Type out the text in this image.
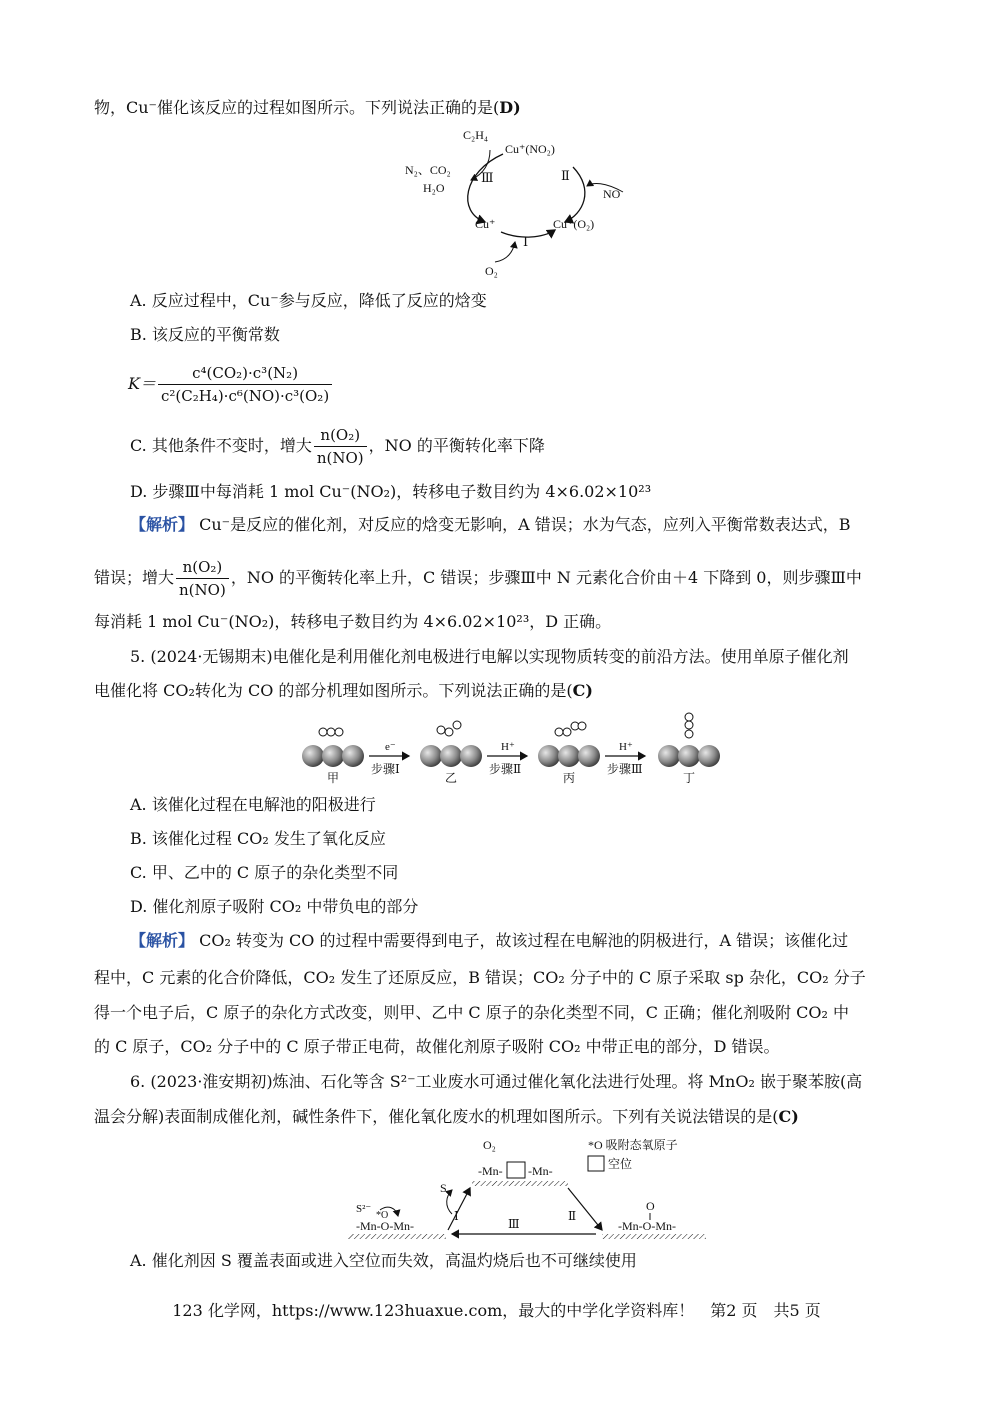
物，Cu⁻催化该反应的过程如图所示。下列说法正确的是(D)
C₂H₄
Cu⁺(NO₂)
N₂、CO₂
H₂O
Ⅲ	Ⅱ
NO
Cu⁺	Cu⁺(O₂)
Ⅰ
O₂
A. 反应过程中，Cu⁻参与反应，降低了反应的焓变
B. 该反应的平衡常数
$K= \frac{\text{c⁴(CO₂)·c³(N₂)}}{\text{c²(C₂H₄)·c⁶(NO)·c³(O₂)}}$
C. 其他条件不变时，增大 $\frac{\text{n(O₂)}}{n(NO)}$ ，NO 的平衡转化率下降
D. 步骤Ⅲ中每消耗 1 mol Cu⁻(NO₂)，转移电子数目约为 4×6.02×10²³
【解析】 Cu⁻是反应的催化剂，对反应的焓变无影响，A 错误；水为气态，应列入平衡常数表达式，B
错误；增大 $\frac{\text{n(O₂)}}{n(NO)}$ ，NO 的平衡转化率上升，C 错误；步骤Ⅲ中 N 元素化合价由＋4 下降到 0，则步骤Ⅲ中
每消耗 1 mol Cu⁻(NO₂)，转移电子数目约为 4×6.02×10²³，D 正确。
5. (2024·无锡期末)电催化是利用催化剂电极进行电解以实现物质转变的前沿方法。使用单原子催化剂
电催化将 CO₂转化为 CO 的部分机理如图所示。下列说法正确的是(C)
甲
e⁻
步骤Ⅰ
乙
H⁺
步骤Ⅱ
丙
H⁺
步骤Ⅲ
丁
A. 该催化过程在电解池的阳极进行
B. 该催化过程 CO₂ 发生了氧化反应
C. 甲、乙中的 C 原子的杂化类型不同
D. 催化剂原子吸附 CO₂ 中带负电的部分
【解析】 CO₂ 转变为 CO 的过程中需要得到电子，故该过程在电解池的阴极进行，A 错误；该催化过
程中，C 元素的化合价降低，CO₂ 发生了还原反应，B 错误；CO₂ 分子中的 C 原子采取 sp 杂化，CO₂ 分子
得一个电子后，C 原子的杂化方式改变，则甲、乙中 C 原子的杂化类型不同，C 正确；催化剂吸附 CO₂ 中
的 C 原子，CO₂ 分子中的 C 原子带正电荷，故催化剂原子吸附 CO₂ 中带正电的部分，D 错误。
6. (2023·淮安期初)炼油、石化等含 S²⁻工业废水可通过催化氧化法进行处理。将 MnO₂ 嵌于聚苯胺(高
温会分解)表面制成催化剂，碱性条件下，催化氧化废水的机理如图所示。下列有关说法错误的是(C)
O₂
-Mn- -Mn-
*O 吸附态氧原子
空位
S²⁻
*O
-Mn-O-Mn-
S
Ⅰ	Ⅱ
Ⅲ
O
-Mn-O-Mn-
A. 催化剂因 S 覆盖表面或进入空位而失效，高温灼烧后也不可继续使用
123 化学网，https://www.123huaxue.com，最大的中学化学资料库！　第2 页　共5 页
